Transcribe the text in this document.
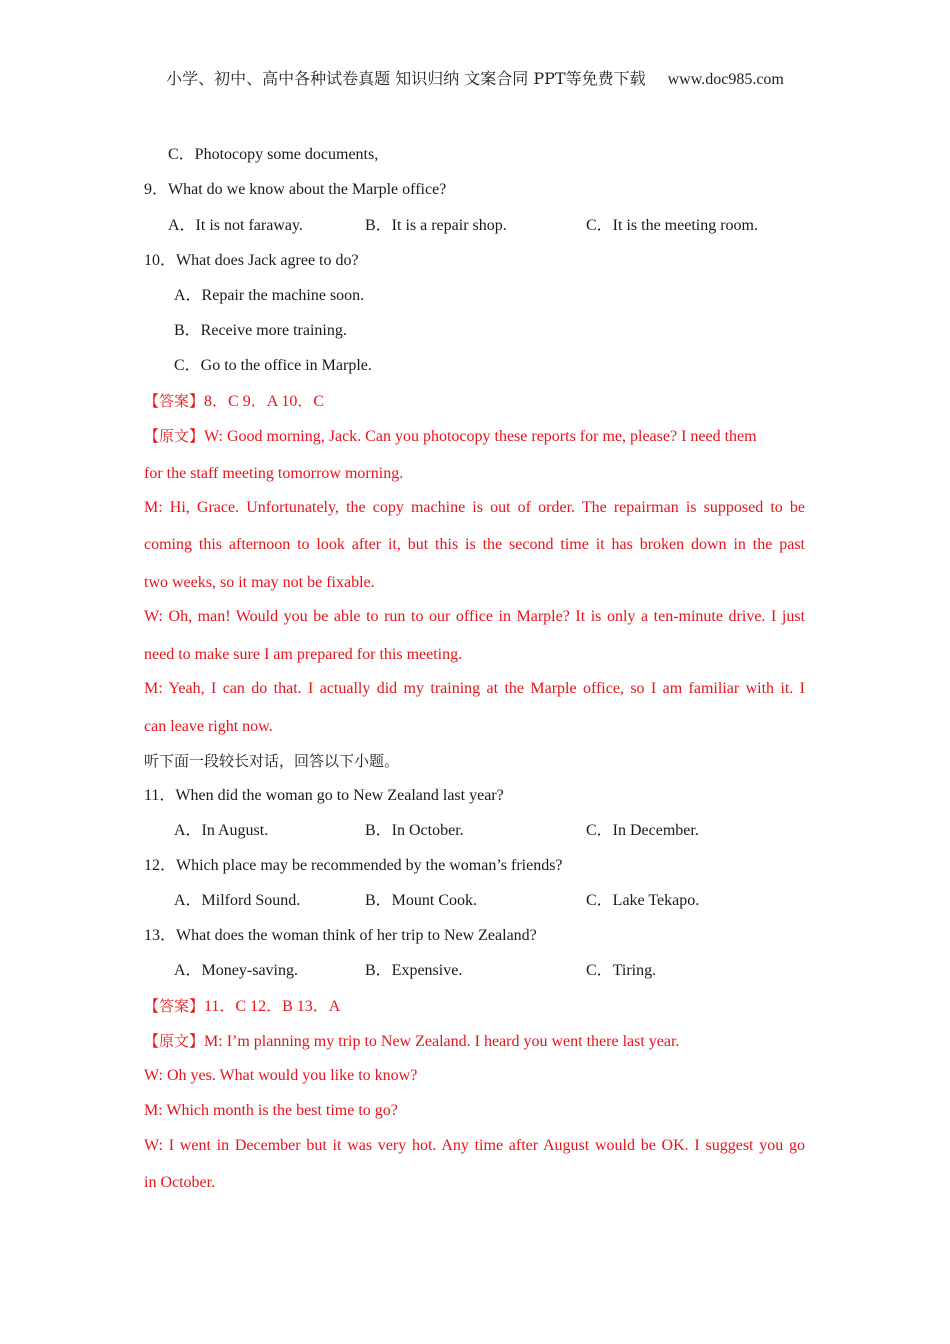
小学、初中、高中各种试卷真题 知识归纳 文案合同 PPT等免费下载 www.doc985.com
C．Photocopy some documents,
9．What do we know about the Marple office?
A．It is not faraway.	B．It is a repair shop.	C．It is the meeting room.
10．What does Jack agree to do?
A．Repair the machine soon.
B．Receive more training.
C．Go to the office in Marple.
【答案】8．C 9．A 10．C
【原文】W: Good morning, Jack. Can you photocopy these reports for me, please? I need them
for the staff meeting tomorrow morning.
M: Hi, Grace. Unfortunately, the copy machine is out of order. The repairman is supposed to be
coming this afternoon to look after it, but this is the second time it has broken down in the past
two weeks, so it may not be fixable.
W: Oh, man! Would you be able to run to our office in Marple? It is only a ten-minute drive. I just
need to make sure I am prepared for this meeting.
M: Yeah, I can do that. I actually did my training at the Marple office, so I am familiar with it. I
can leave right now.
听下面一段较长对话，回答以下小题。
11．When did the woman go to New Zealand last year?
A．In August.	B．In October.	C．In December.
12．Which place may be recommended by the woman’s friends?
A．Milford Sound.	B．Mount Cook.	C．Lake Tekapo.
13．What does the woman think of her trip to New Zealand?
A．Money-saving.	B．Expensive.	C．Tiring.
【答案】11．C 12．B 13．A
【原文】M: I’m planning my trip to New Zealand. I heard you went there last year.
W: Oh yes. What would you like to know?
M: Which month is the best time to go?
W: I went in December but it was very hot. Any time after August would be OK. I suggest you go
in October.
